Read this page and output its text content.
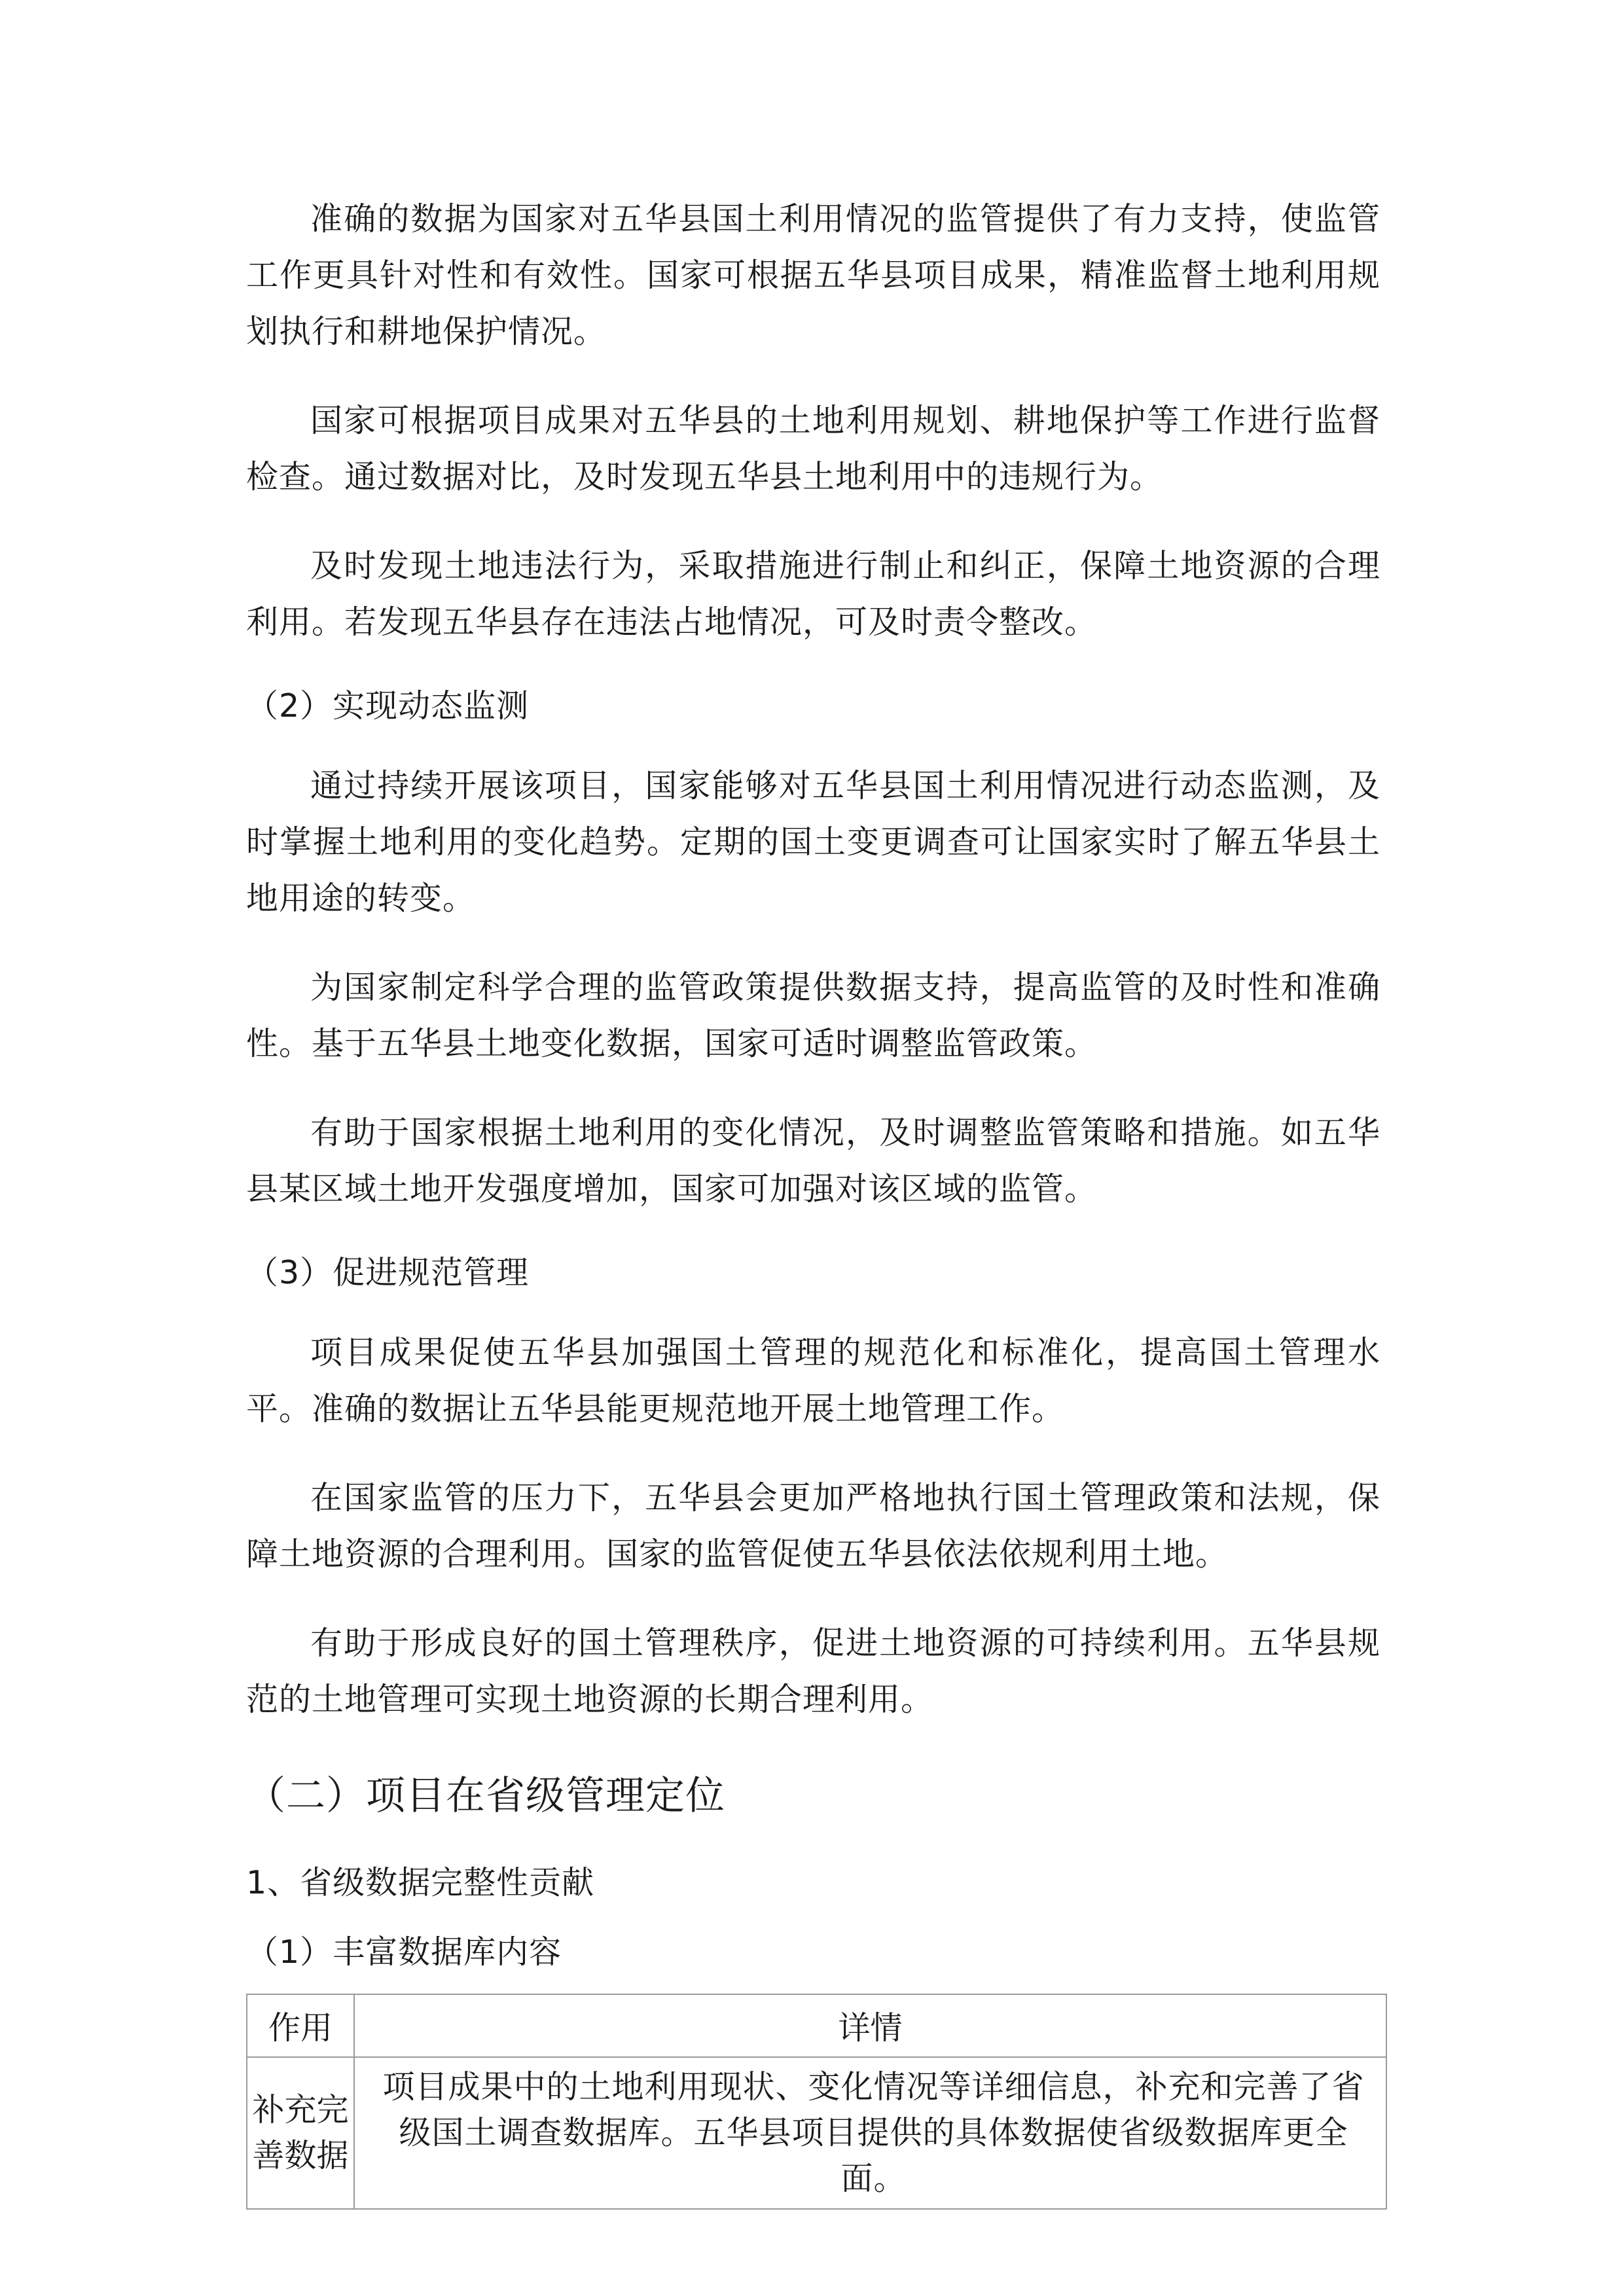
准确的数据为国家对五华县国土利用情况的监管提供了有力支持，使监管工作更具针对性和有效性。国家可根据五华县项目成果，精准监督土地利用规划执行和耕地保护情况。

国家可根据项目成果对五华县的土地利用规划、耕地保护等工作进行监督检查。通过数据对比，及时发现五华县土地利用中的违规行为。

及时发现土地违法行为，采取措施进行制止和纠正，保障土地资源的合理利用。若发现五华县存在违法占地情况，可及时责令整改。

（2）实现动态监测

通过持续开展该项目，国家能够对五华县国土利用情况进行动态监测，及时掌握土地利用的变化趋势。定期的国土变更调查可让国家实时了解五华县土地用途的转变。

为国家制定科学合理的监管政策提供数据支持，提高监管的及时性和准确性。基于五华县土地变化数据，国家可适时调整监管政策。

有助于国家根据土地利用的变化情况，及时调整监管策略和措施。如五华县某区域土地开发强度增加，国家可加强对该区域的监管。

（3）促进规范管理

项目成果促使五华县加强国土管理的规范化和标准化，提高国土管理水平。准确的数据让五华县能更规范地开展土地管理工作。

在国家监管的压力下，五华县会更加严格地执行国土管理政策和法规，保障土地资源的合理利用。国家的监管促使五华县依法依规利用土地。

有助于形成良好的国土管理秩序，促进土地资源的可持续利用。五华县规范的土地管理可实现土地资源的长期合理利用。

（二）项目在省级管理定位
1、省级数据完整性贡献
（1）丰富数据库内容
作用	详情
补充完善数据	项目成果中的土地利用现状、变化情况等详细信息，补充和完善了省级国土调查数据库。五华县项目提供的具体数据使省级数据库更全面。
